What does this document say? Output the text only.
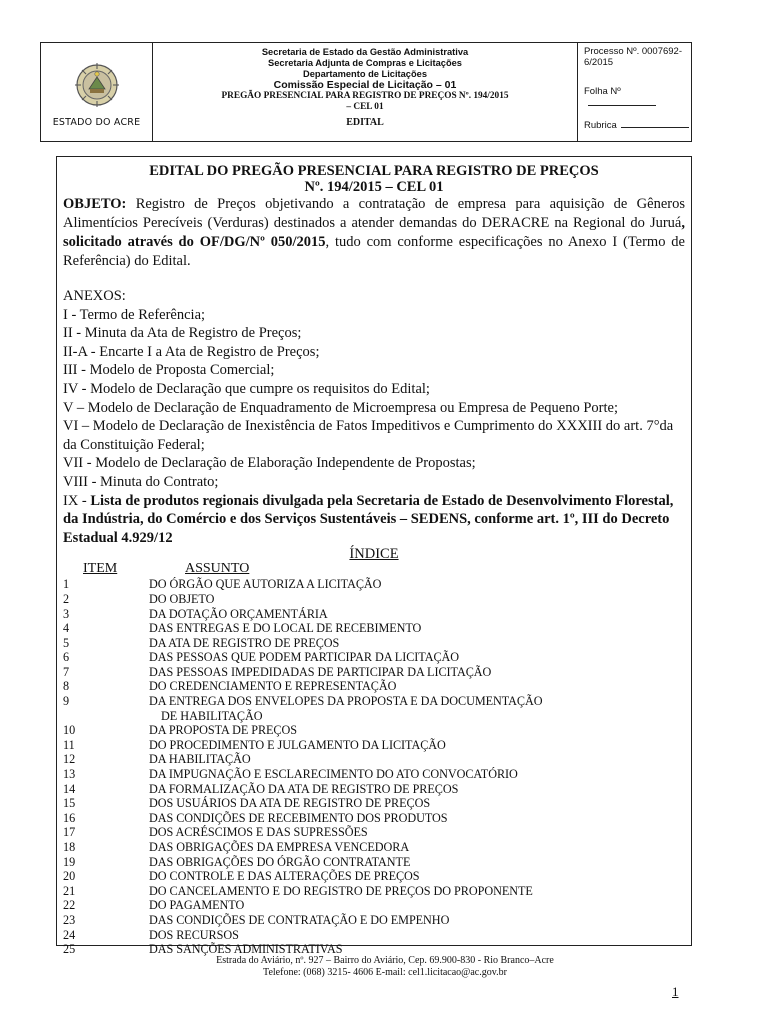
ESTADO DO ACRE
Secretaria de Estado da Gestão Administrativa
Secretaria Adjunta de Compras e Licitações
Departamento de Licitações
Comissão Especial de Licitação – 01
PREGÃO PRESENCIAL PARA REGISTRO DE PREÇOS Nº. 194/2015
– CEL 01
EDITAL
Processo Nº. 0007692-6/2015
Folha Nº
Rubrica
EDITAL DO PREGÃO PRESENCIAL PARA REGISTRO DE PREÇOS
Nº. 194/2015 – CEL 01
OBJETO: Registro de Preços objetivando a contratação de empresa para aquisição de Gêneros Alimentícios Perecíveis (Verduras) destinados a atender demandas do DERACRE na Regional do Juruá, solicitado através do OF/DG/Nº 050/2015, tudo com conforme especificações no Anexo I (Termo de Referência) do Edital.
ANEXOS:
I - Termo de Referência;
II - Minuta da Ata de Registro de Preços;
II-A - Encarte I a Ata de Registro de Preços;
III - Modelo de Proposta Comercial;
IV - Modelo de Declaração que cumpre os requisitos do Edital;
V – Modelo de Declaração de Enquadramento de Microempresa ou Empresa de Pequeno Porte;
VI – Modelo de Declaração de Inexistência de Fatos Impeditivos e Cumprimento do XXXIII do art. 7°da
da Constituição Federal;
VII - Modelo de Declaração de Elaboração Independente de Propostas;
VIII - Minuta do Contrato;
IX - Lista de produtos regionais divulgada pela Secretaria de Estado de Desenvolvimento Florestal, da Indústria, do Comércio e dos Serviços Sustentáveis – SEDENS, conforme art. 1º, III do Decreto Estadual 4.929/12
ÍNDICE
ITEM	ASSUNTO
1	DO ÓRGÃO QUE AUTORIZA A LICITAÇÃO
2	DO OBJETO
3	DA DOTAÇÃO ORÇAMENTÁRIA
4	DAS ENTREGAS E DO LOCAL DE RECEBIMENTO
5	DA ATA DE REGISTRO DE PREÇOS
6	DAS PESSOAS QUE PODEM PARTICIPAR DA LICITAÇÃO
7	DAS PESSOAS IMPEDIDADAS DE PARTICIPAR DA LICITAÇÃO
8	DO CREDENCIAMENTO E REPRESENTAÇÃO
9	DA ENTREGA DOS ENVELOPES DA PROPOSTA E DA DOCUMENTAÇÃO
DE HABILITAÇÃO
10	DA PROPOSTA DE PREÇOS
11	DO PROCEDIMENTO E JULGAMENTO DA LICITAÇÃO
12	DA HABILITAÇÃO
13	DA IMPUGNAÇÃO E ESCLARECIMENTO DO ATO CONVOCATÓRIO
14	DA FORMALIZAÇÃO DA ATA DE REGISTRO DE PREÇOS
15	DOS USUÁRIOS DA ATA DE REGISTRO DE PREÇOS
16	DAS CONDIÇÕES DE RECEBIMENTO DOS PRODUTOS
17	DOS ACRÉSCIMOS E DAS SUPRESSÕES
18	DAS OBRIGAÇÕES DA EMPRESA VENCEDORA
19	DAS OBRIGAÇÕES DO ÓRGÃO CONTRATANTE
20	DO CONTROLE E DAS ALTERAÇÕES DE PREÇOS
21	DO CANCELAMENTO E DO REGISTRO DE PREÇOS DO PROPONENTE
22	DO PAGAMENTO
23	DAS CONDIÇÕES DE CONTRATAÇÃO E DO EMPENHO
24	DOS RECURSOS
25	DAS SANÇÕES ADMINISTRATIVAS
Estrada do Aviário, nº. 927 – Bairro do Aviário, Cep. 69.900-830 - Rio Branco–Acre
Telefone: (068) 3215- 4606 E-mail: cel1.licitacao@ac.gov.br
1
